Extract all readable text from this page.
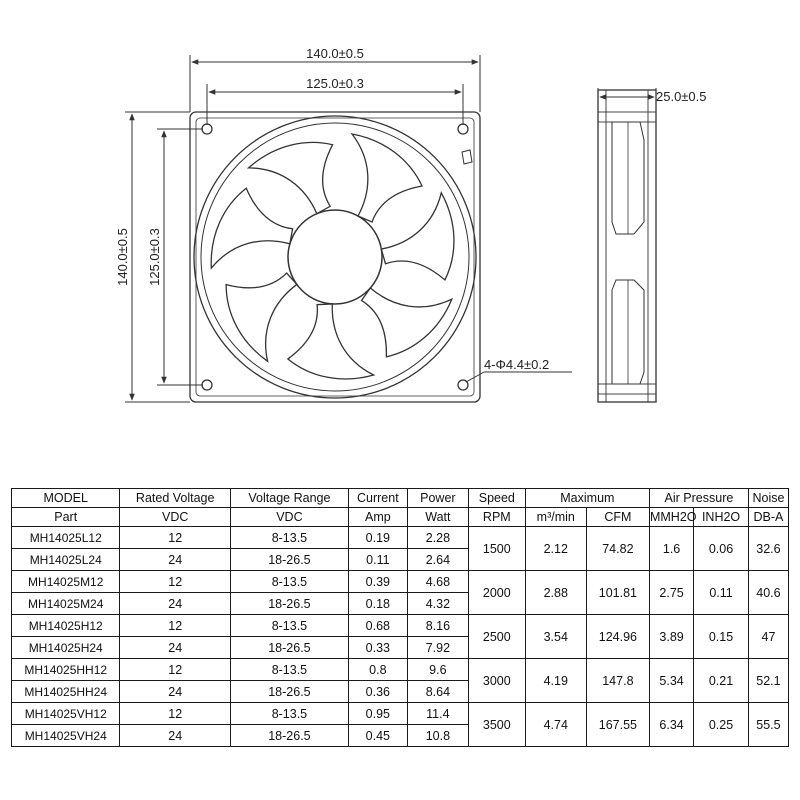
140.0±0.5
125.0±0.3
140.0±0.5 125.0±0.3
4-Φ4.4±0.2
25.0±0.5
MODEL	Rated Voltage	Voltage Range	Current	Power	Speed	Maximum		Air Pressure		Noise
Part	VDC	VDC	Amp	Watt	RPM	m³/min	CFM	MMH2O	INH2O	DB-A
MH14025L12	12	8-13.5	0.19	2.28	1500	2.12	74.82	1.6	0.06	32.6
MH14025L24	24	18-26.5	0.11	2.64						
MH14025M12	12	8-13.5	0.39	4.68	2000	2.88	101.81	2.75	0.11	40.6
MH14025M24	24	18-26.5	0.18	4.32						
MH14025H12	12	8-13.5	0.68	8.16	2500	3.54	124.96	3.89	0.15	47
MH14025H24	24	18-26.5	0.33	7.92						
MH14025HH12	12	8-13.5	0.8	9.6	3000	4.19	147.8	5.34	0.21	52.1
MH14025HH24	24	18-26.5	0.36	8.64						
MH14025VH12	12	8-13.5	0.95	11.4	3500	4.74	167.55	6.34	0.25	55.5
MH14025VH24	24	18-26.5	0.45	10.8						
